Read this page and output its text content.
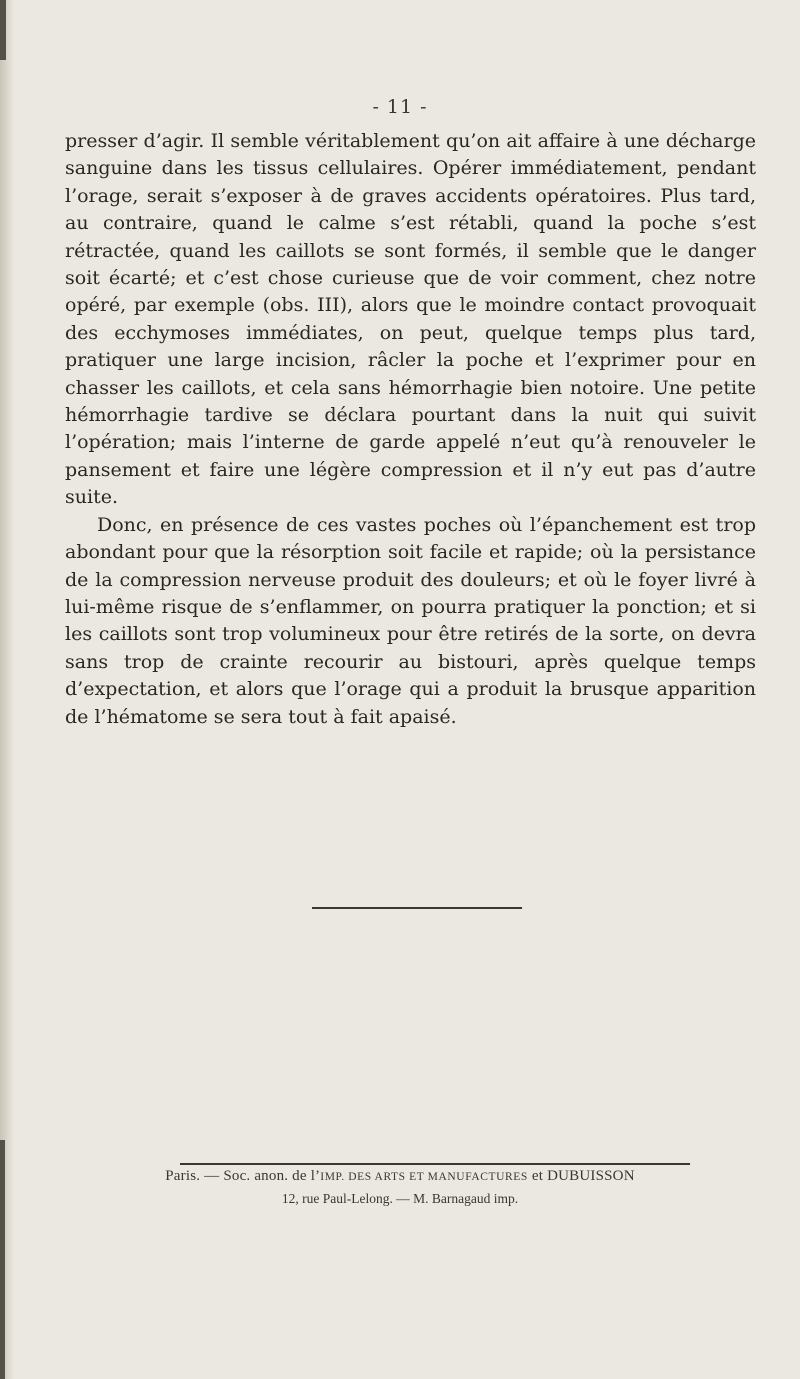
- 11 -

presser d’agir. Il semble véritablement qu’on ait affaire à une décharge sanguine dans les tissus cellulaires. Opérer immédiatement, pendant l’orage, serait s’exposer à de graves accidents opératoires. Plus tard, au contraire, quand le calme s’est rétabli, quand la poche s’est rétractée, quand les caillots se sont formés, il semble que le danger soit écarté; et c’est chose curieuse que de voir comment, chez notre opéré, par exemple (obs. III), alors que le moindre contact provoquait des ecchymoses immédiates, on peut, quelque temps plus tard, pratiquer une large incision, râcler la poche et l’exprimer pour en chasser les caillots, et cela sans hémorrhagie bien notoire. Une petite hémorrhagie tardive se déclara pourtant dans la nuit qui suivit l’opération; mais l’interne de garde appelé n’eut qu’à renouveler le pansement et faire une légère compression et il n’y eut pas d’autre suite.

Donc, en présence de ces vastes poches où l’épanchement est trop abondant pour que la résorption soit facile et rapide; où la persistance de la compression nerveuse produit des douleurs; et où le foyer livré à lui-même risque de s’enflammer, on pourra pratiquer la ponction; et si les caillots sont trop volumineux pour être retirés de la sorte, on devra sans trop de crainte recourir au bistouri, après quelque temps d’expectation, et alors que l’orage qui a produit la brusque apparition de l’hématome se sera tout à fait apaisé.

Paris. — Soc. anon. de l’IMP. DES ARTS ET MANUFACTURES et DUBUISSON
12, rue Paul-Lelong. — M. Barnagaud imp.
